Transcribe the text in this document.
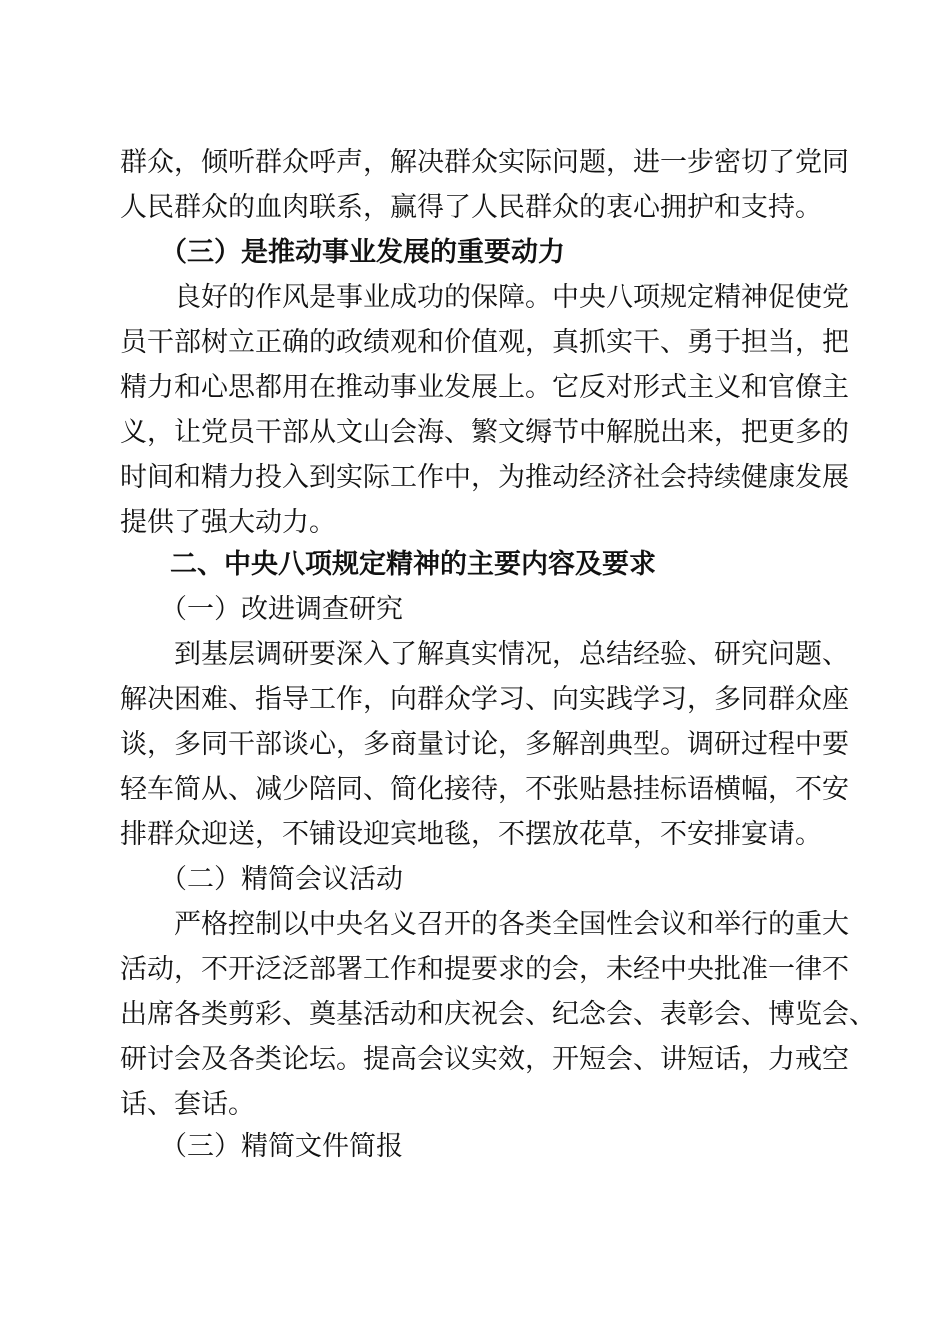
群众，倾听群众呼声，解决群众实际问题，进一步密切了党同
人民群众的血肉联系，赢得了人民群众的衷心拥护和支持。
（三）是推动事业发展的重要动力
良好的作风是事业成功的保障。中央八项规定精神促使党
员干部树立正确的政绩观和价值观，真抓实干、勇于担当，把
精力和心思都用在推动事业发展上。它反对形式主义和官僚主
义，让党员干部从文山会海、繁文缛节中解脱出来，把更多的
时间和精力投入到实际工作中，为推动经济社会持续健康发展
提供了强大动力。
二、中央八项规定精神的主要内容及要求
（一）改进调查研究
到基层调研要深入了解真实情况，总结经验、研究问题、
解决困难、指导工作，向群众学习、向实践学习，多同群众座
谈，多同干部谈心，多商量讨论，多解剖典型。调研过程中要
轻车简从、减少陪同、简化接待，不张贴悬挂标语横幅，不安
排群众迎送，不铺设迎宾地毯，不摆放花草，不安排宴请。
（二）精简会议活动
严格控制以中央名义召开的各类全国性会议和举行的重大
活动，不开泛泛部署工作和提要求的会，未经中央批准一律不
出席各类剪彩、奠基活动和庆祝会、纪念会、表彰会、博览会、
研讨会及各类论坛。提高会议实效，开短会、讲短话，力戒空
话、套话。
（三）精简文件简报
